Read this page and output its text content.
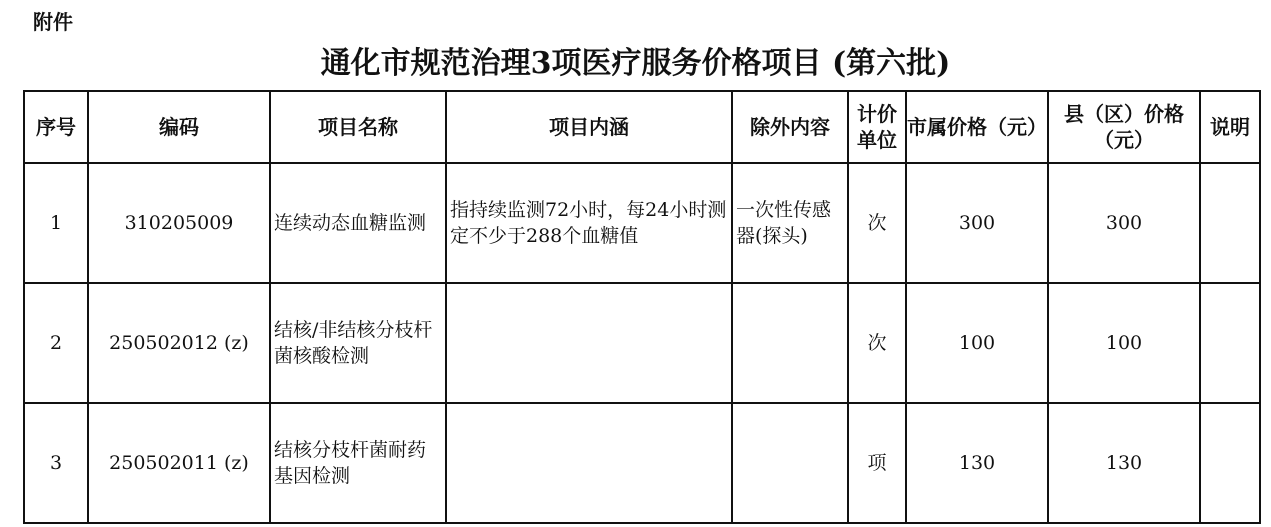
附件
通化市规范治理3项医疗服务价格项目 (第六批)
序号	编码	项目名称	项目内涵	除外内容	计价单位	市属价格（元）	县（区）价格（元）	说明
1	310205009	连续动态血糖监测	指持续监测72小时，每24小时测定不少于288个血糖值	一次性传感器(探头)	次	300	300	
2	250502012 (z)	结核/非结核分枝杆菌核酸检测			次	100	100	
3	250502011 (z)	结核分枝杆菌耐药基因检测			项	130	130	
